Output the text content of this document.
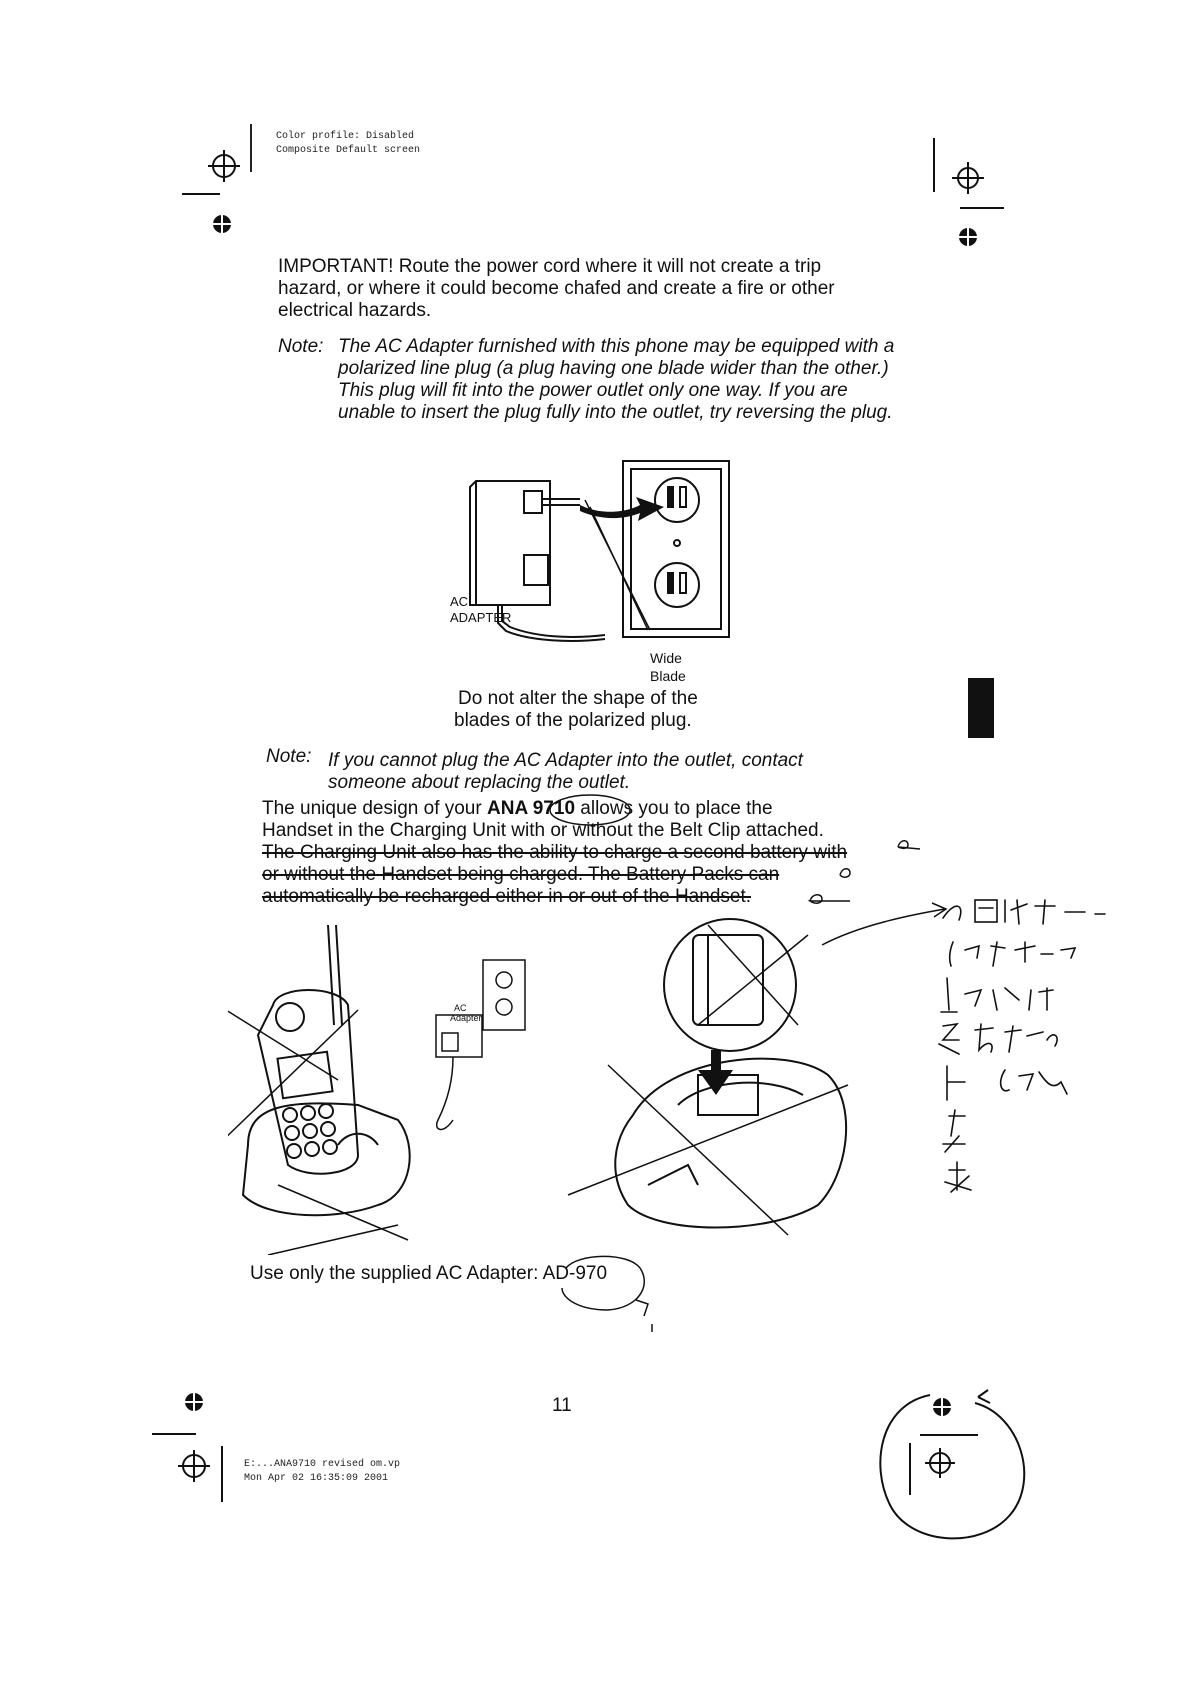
Color profile: Disabled
Composite Default screen
IMPORTANT! Route the power cord where it will not create a trip hazard, or where it could become chafed and create a fire or other electrical hazards.
Note: The AC Adapter furnished with this phone may be equipped with a polarized line plug (a plug having one blade wider than the other.) This plug will fit into the power outlet only one way. If you are unable to insert the plug fully into the outlet, try reversing the plug.
AC
ADAPTER
Wide
Blade
Do not alter the shape of the
blades of the polarized plug.
Note: If you cannot plug the AC Adapter into the outlet, contact
someone about replacing the outlet.
The unique design of your ANA 9710 allows you to place the
Handset in the Charging Unit with or without the Belt Clip attached.
The Charging Unit also has the ability to charge a second battery with
or without the Handset being charged. The Battery Packs can
automatically be recharged either in or out of the Handset.
AC
Adapter
Use only the supplied AC Adapter: AD-970
11
E:...ANA9710 revised om.vp
Mon Apr 02 16:35:09 2001
